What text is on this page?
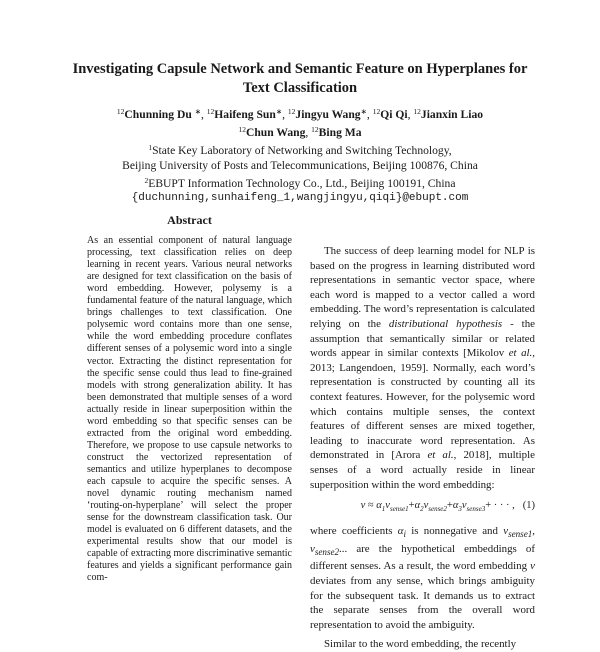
Investigating Capsule Network and Semantic Feature on Hyperplanes for
Text Classification
$^{12}$Chunning Du ∗, $^{12}$Haifeng Sun∗, $^{12}$Jingyu Wang∗, $^{12}$Qi Qi, $^{12}$Jianxin Liao
$^{12}$Chun Wang, $^{12}$Bing Ma
$^1$State Key Laboratory of Networking and Switching Technology,
Beijing University of Posts and Telecommunications, Beijing 100876, China
$^2$EBUPT Information Technology Co., Ltd., Beijing 100191, China
{duchunning,sunhaifeng_1,wangjingyu,qiqi}@ebupt.com
Abstract

As an essential component of natural language processing, text classification relies on deep learning in recent years. Various neural networks are designed for text classification on the basis of word embedding. However, polysemy is a fundamental feature of the natural language, which brings challenges to text classification. One polysemic word contains more than one sense, while the word embedding procedure conflates different senses of a polysemic word into a single vector. Extracting the distinct representation for the specific sense could thus lead to fine-grained models with strong generalization ability. It has been demonstrated that multiple senses of a word actually reside in linear superposition within the word embedding so that specific senses can be extracted from the original word embedding. Therefore, we propose to use capsule networks to construct the vectorized representation of semantics and utilize hyperplanes to decompose each capsule to acquire the specific senses. A novel dynamic routing mechanism named ‘routing-on-hyperplane’ will select the proper sense for the downstream classification task. Our model is evaluated on 6 different datasets, and the experimental results show that our model is capable of extracting more discriminative semantic features and yields a significant performance gain com-

The success of deep learning model for NLP is based on the progress in learning distributed word representations in semantic vector space, where each word is mapped to a vector called a word embedding. The word’s representation is calculated relying on the distributional hypothesis - the assumption that semantically similar or related words appear in similar contexts [Mikolov et al., 2013; Langendoen, 1959]. Normally, each word’s representation is constructed by counting all its context features. However, for the polysemic word which contains multiple senses, the context features of different senses are mixed together, leading to inaccurate word representation. As demonstrated in [Arora et al., 2018], multiple senses of a word actually reside in linear superposition within the word embedding:

$v \approx \alpha_1v_{sense1}+\alpha_2v_{sense2}+\alpha_3v_{sense3}+$ · · · , (1)

where coefficients $\alpha_i$ is nonnegative and $v_{sense1}$, $v_{sense2}$... are the hypothetical embeddings of different senses. As a result, the word embedding v deviates from any sense, which brings ambiguity for the subsequent task. It demands us to extract the separate senses from the overall word representation to avoid the ambiguity.

Similar to the word embedding, the recently
